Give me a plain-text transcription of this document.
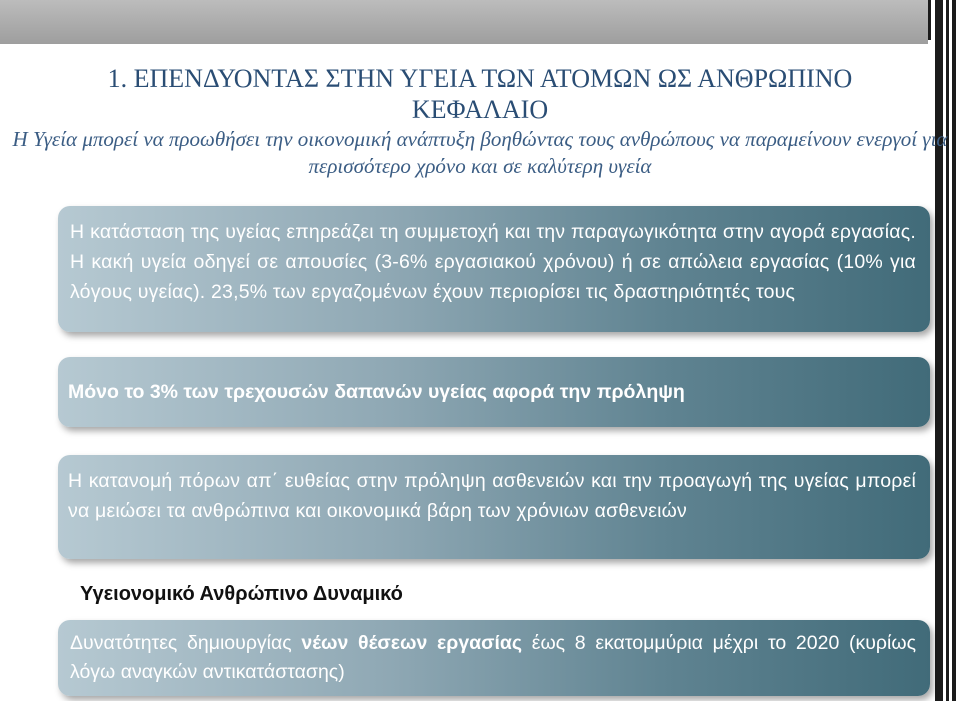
1. ΕΠΕΝΔΥΟΝΤΑΣ ΣΤΗΝ ΥΓΕΙΑ ΤΩΝ ΑΤΟΜΩΝ ΩΣ ΑΝΘΡΩΠΙΝΟ
ΚΕΦΑΛΑΙΟ
Η Υγεία μπορεί να προωθήσει την οικονομική ανάπτυξη βοηθώντας τους ανθρώπους να παραμείνουν ενεργοί για περισσότερο χρόνο και σε καλύτερη υγεία

Η κατάσταση της υγείας επηρεάζει τη συμμετοχή και την παραγωγικότητα στην αγορά εργασίας. Η κακή υγεία οδηγεί σε απουσίες (3-6% εργασιακού χρόνου) ή σε απώλεια εργασίας (10% για λόγους υγείας). 23,5% των εργαζομένων έχουν περιορίσει τις δραστηριότητές τους

Μόνο το 3% των τρεχουσών δαπανών υγείας αφορά την πρόληψη

Η κατανομή πόρων απ΄ ευθείας στην πρόληψη ασθενειών και την προαγωγή της υγείας μπορεί να μειώσει τα ανθρώπινα και οικονομικά βάρη των χρόνιων ασθενειών

Υγειονομικό Ανθρώπινο Δυναμικό

Δυνατότητες δημιουργίας νέων θέσεων εργασίας έως 8 εκατομμύρια μέχρι το 2020 (κυρίως λόγω αναγκών αντικατάστασης)
